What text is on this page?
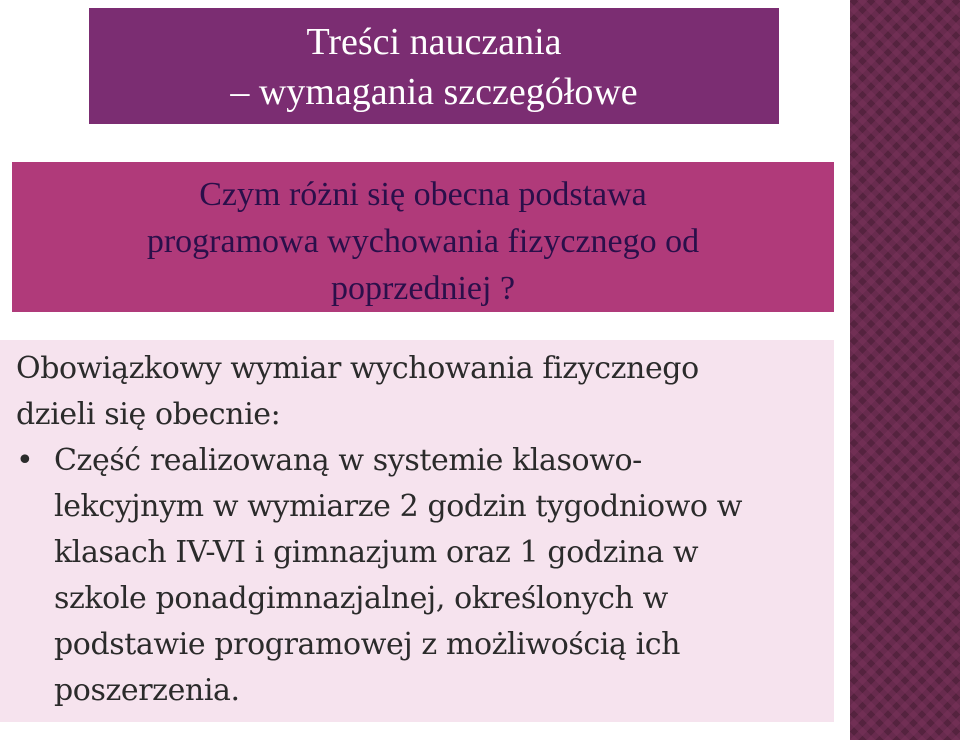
Treści nauczania
– wymagania szczegółowe
Czym różni się obecna podstawa
programowa wychowania fizycznego od
poprzedniej ?
Obowiązkowy wymiar wychowania fizycznego
dzieli się obecnie:
• Część realizowaną w systemie klasowo-
lekcyjnym w wymiarze 2 godzin tygodniowo w
klasach IV-VI i gimnazjum oraz 1 godzina w
szkole ponadgimnazjalnej, określonych w
podstawie programowej z możliwością ich
poszerzenia.
